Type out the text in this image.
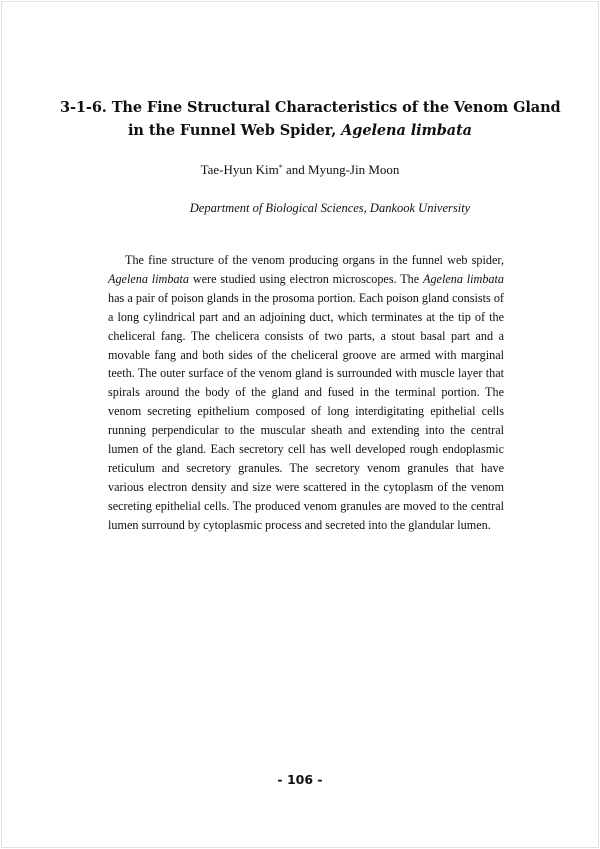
3-1-6. The Fine Structural Characteristics of the Venom Gland
in the Funnel Web Spider, Agelena limbata
Tae-Hyun Kim* and Myung-Jin Moon
Department of Biological Sciences, Dankook University

The fine structure of the venom producing organs in the funnel web spider, Agelena limbata were studied using electron microscopes. The Agelena limbata has a pair of poison glands in the prosoma portion. Each poison gland consists of a long cylindrical part and an adjoining duct, which terminates at the tip of the cheliceral fang. The chelicera consists of two parts, a stout basal part and a movable fang and both sides of the cheliceral groove are armed with marginal teeth. The outer surface of the venom gland is surrounded with muscle layer that spirals around the body of the gland and fused in the terminal portion. The venom secreting epithelium composed of long interdigitating epithelial cells running perpendicular to the muscular sheath and extending into the central lumen of the gland. Each secretory cell has well developed rough endoplasmic reticulum and secretory granules. The secretory venom granules that have various electron density and size were scattered in the cytoplasm of the venom secreting epithelial cells. The produced venom granules are moved to the central lumen surround by cytoplasmic process and secreted into the glandular lumen.

- 106 -
